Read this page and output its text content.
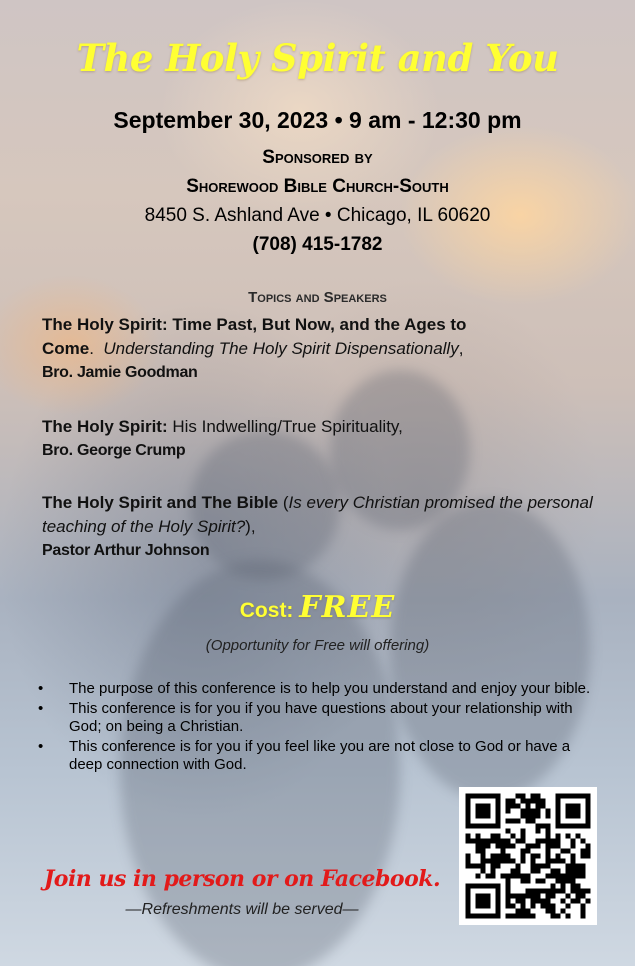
The Holy Spirit and You
September 30, 2023 • 9 am - 12:30 pm
Sponsored by
Shorewood Bible Church-South
8450 S. Ashland Ave • Chicago, IL 60620
(708) 415-1782
Topics and Speakers
The Holy Spirit: Time Past, But Now, and the Ages to Come.  Understanding The Holy Spirit Dispensationally,
Bro. Jamie Goodman
The Holy Spirit: His Indwelling/True Spirituality,
Bro. George Crump
The Holy Spirit and The Bible (Is every Christian promised the personal teaching of the Holy Spirit?),
Pastor Arthur Johnson
Cost: FREE
(Opportunity for Free will offering)
• The purpose of this conference is to help you understand and enjoy your bible.
• This conference is for you if you have questions about your relationship with God; on being a Christian.
• This conference is for you if you feel like you are not close to God or have a deep connection with God.
Join us in person or on Facebook.
—Refreshments will be served—
